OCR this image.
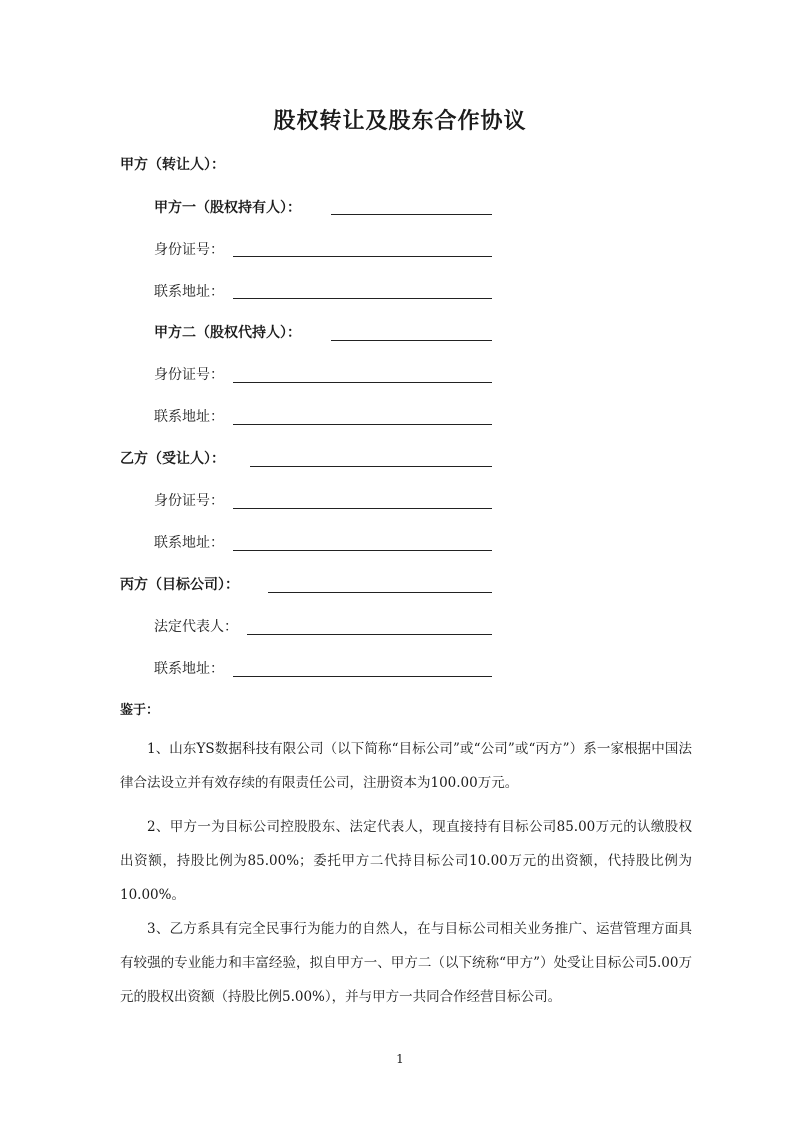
股权转让及股东合作协议
甲方（转让人）：
甲方一（股权持有人）：
身份证号：
联系地址：
甲方二（股权代持人）：
身份证号：
联系地址：
乙方（受让人）：
身份证号：
联系地址：
丙方（目标公司）：
法定代表人：
联系地址：
鉴于：
1、山东YS数据科技有限公司（以下简称“目标公司”或“公司”或“丙方”）系一家根据中国法律合法设立并有效存续的有限责任公司，注册资本为100.00万元。
2、甲方一为目标公司控股股东、法定代表人，现直接持有目标公司85.00万元的认缴股权出资额，持股比例为85.00%；委托甲方二代持目标公司10.00万元的出资额，代持股比例为10.00%。
3、乙方系具有完全民事行为能力的自然人，在与目标公司相关业务推广、运营管理方面具有较强的专业能力和丰富经验，拟自甲方一、甲方二（以下统称“甲方”）处受让目标公司5.00万元的股权出资额（持股比例5.00%），并与甲方一共同合作经营目标公司。
1
